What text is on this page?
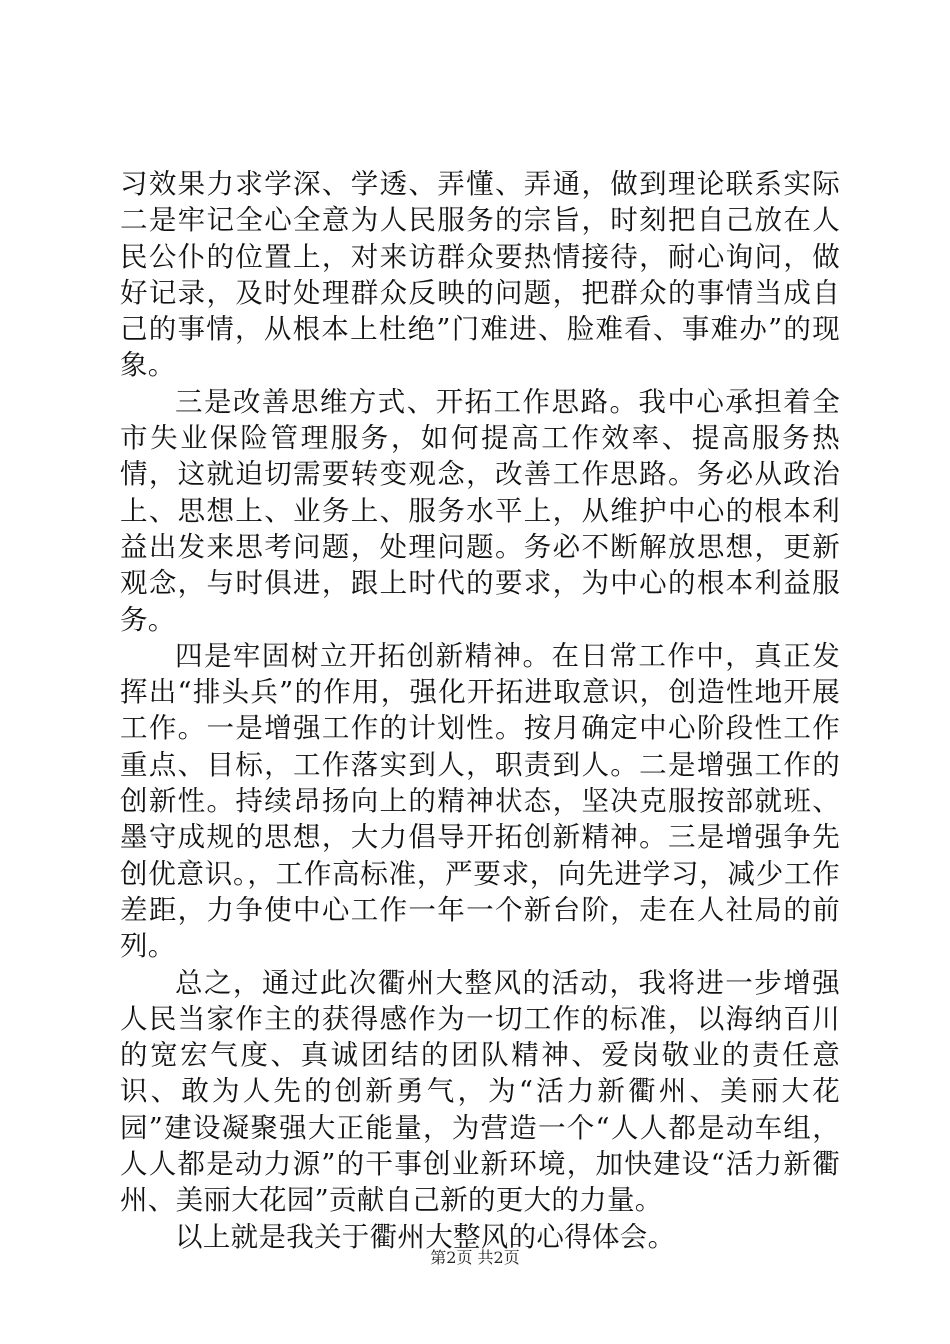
习效果力求学深、学透、弄懂、弄通，做到理论联系实际二是牢记全心全意为人民服务的宗旨，时刻把自己放在人民公仆的位置上，对来访群众要热情接待，耐心询问，做好记录，及时处理群众反映的问题，把群众的事情当成自己的事情，从根本上杜绝”门难进、脸难看、事难办”的现象。

三是改善思维方式、开拓工作思路。我中心承担着全市失业保险管理服务，如何提高工作效率、提高服务热情，这就迫切需要转变观念，改善工作思路。务必从政治上、思想上、业务上、服务水平上，从维护中心的根本利益出发来思考问题，处理问题。务必不断解放思想，更新观念，与时俱进，跟上时代的要求，为中心的根本利益服务。

四是牢固树立开拓创新精神。在日常工作中，真正发挥出“排头兵”的作用，强化开拓进取意识，创造性地开展工作。一是增强工作的计划性。按月确定中心阶段性工作重点、目标，工作落实到人，职责到人。二是增强工作的创新性。持续昂扬向上的精神状态，坚决克服按部就班、墨守成规的思想，大力倡导开拓创新精神。三是增强争先创优意识。，工作高标准，严要求，向先进学习，减少工作差距，力争使中心工作一年一个新台阶，走在人社局的前列。

总之，通过此次衢州大整风的活动，我将进一步增强人民当家作主的获得感作为一切工作的标准，以海纳百川的宽宏气度、真诚团结的团队精神、爱岗敬业的责任意识、敢为人先的创新勇气，为“活力新衢州、美丽大花园”建设凝聚强大正能量，为营造一个“人人都是动车组，人人都是动力源”的干事创业新环境，加快建设“活力新衢州、美丽大花园”贡献自己新的更大的力量。

以上就是我关于衢州大整风的心得体会。

第2页 共2页
